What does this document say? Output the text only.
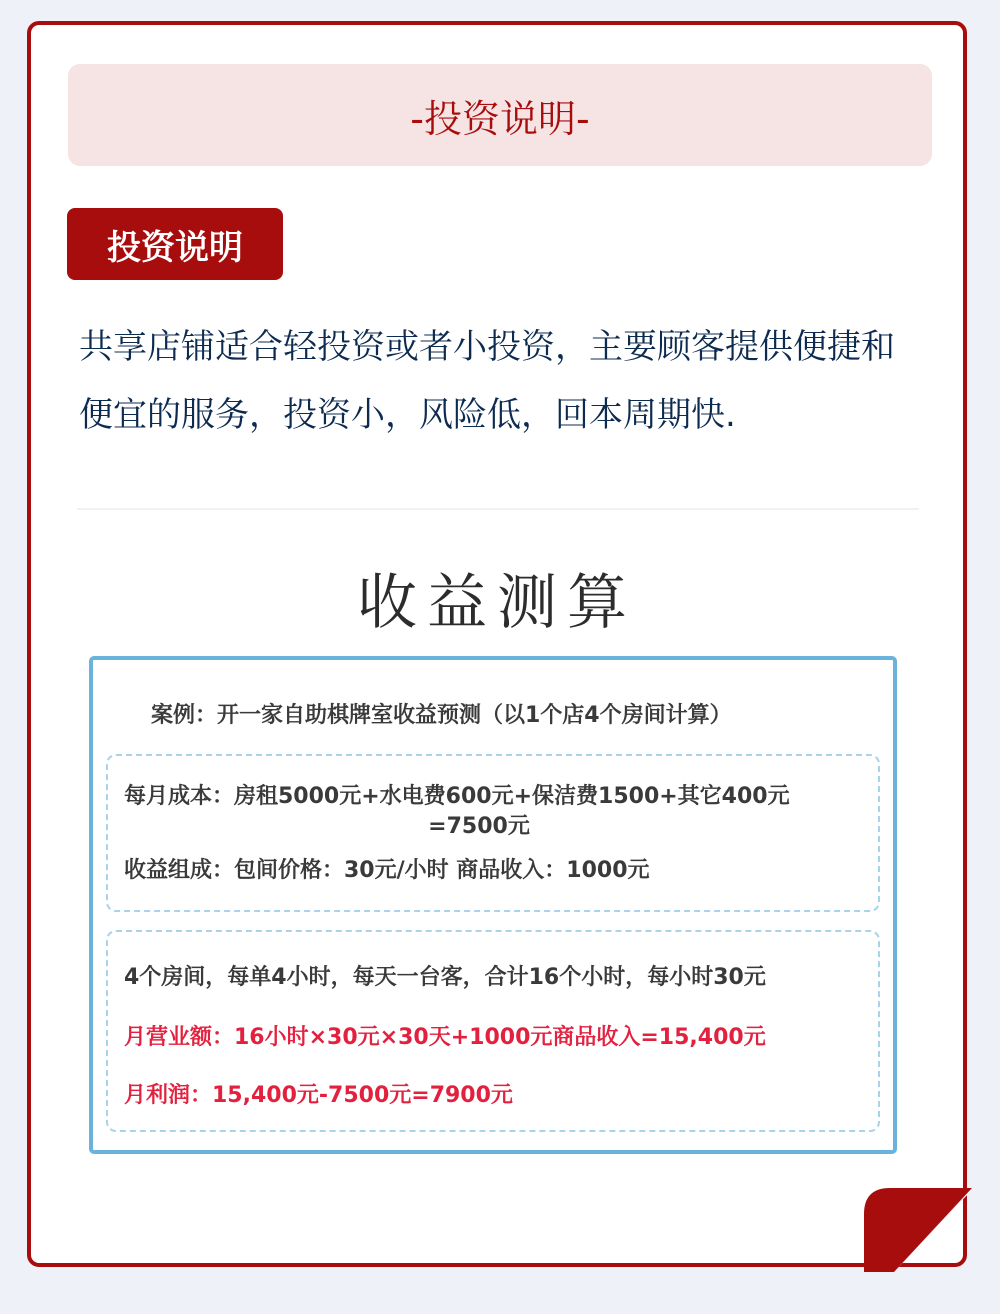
-投资说明-
投资说明

共享店铺适合轻投资或者小投资，主要顾客提供便捷和便宜的服务，投资小，风险低，回本周期快.

收益测算
案例：开一家自助棋牌室收益预测（以1个店4个房间计算）
每月成本：房租5000元+水电费600元+保洁费1500+其它400元
=7500元
收益组成：包间价格：30元/小时 商品收入：1000元
4个房间，每单4小时，每天一台客，合计16个小时，每小时30元
月营业额：16小时×30元×30天+1000元商品收入=15,400元
月利润：15,400元-7500元=7900元
